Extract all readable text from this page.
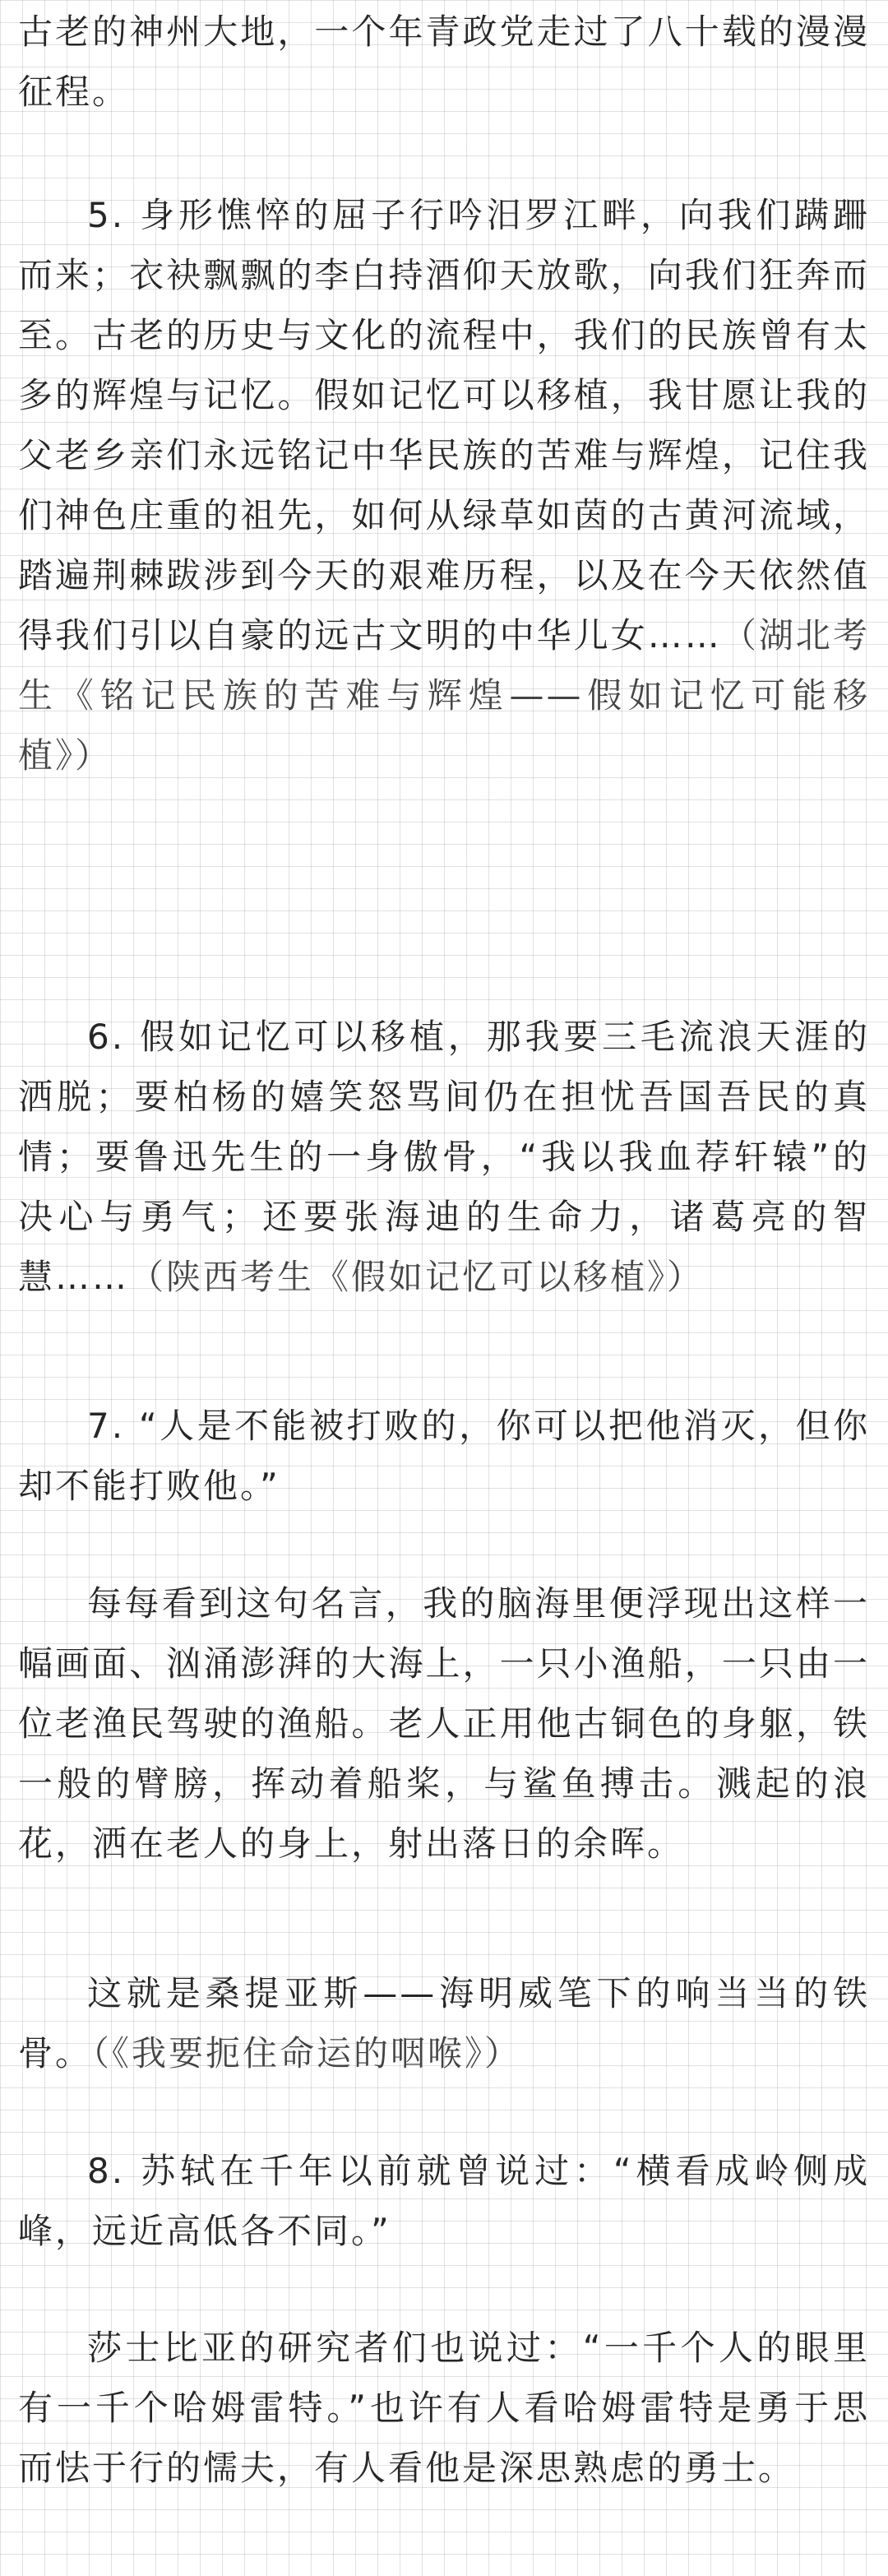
古老的神州大地，一个年青政党走过了八十载的漫漫征程。

5. 身形憔悴的屈子行吟汨罗江畔，向我们蹒跚而来；衣袂飘飘的李白持酒仰天放歌，向我们狂奔而至。古老的历史与文化的流程中，我们的民族曾有太多的辉煌与记忆。假如记忆可以移植，我甘愿让我的父老乡亲们永远铭记中华民族的苦难与辉煌，记住我们神色庄重的祖先，如何从绿草如茵的古黄河流域，踏遍荆棘跋涉到今天的艰难历程，以及在今天依然值得我们引以自豪的远古文明的中华儿女……（湖北考生《铭记民族的苦难与辉煌——假如记忆可能移植》）

6. 假如记忆可以移植，那我要三毛流浪天涯的洒脱；要柏杨的嬉笑怒骂间仍在担忧吾国吾民的真情；要鲁迅先生的一身傲骨，“我以我血荐轩辕”的决心与勇气；还要张海迪的生命力，诸葛亮的智慧……（陕西考生《假如记忆可以移植》）

7. “人是不能被打败的，你可以把他消灭，但你却不能打败他。”

每每看到这句名言，我的脑海里便浮现出这样一幅画面、汹涌澎湃的大海上，一只小渔船，一只由一位老渔民驾驶的渔船。老人正用他古铜色的身躯，铁一般的臂膀，挥动着船桨，与鲨鱼搏击。溅起的浪花，洒在老人的身上，射出落日的余晖。

这就是桑提亚斯——海明威笔下的响当当的铁骨。（《我要扼住命运的咽喉》）

8. 苏轼在千年以前就曾说过：“横看成岭侧成峰，远近高低各不同。”

莎士比亚的研究者们也说过：“一千个人的眼里有一千个哈姆雷特。”也许有人看哈姆雷特是勇于思而怯于行的懦夫，有人看他是深思熟虑的勇士。
